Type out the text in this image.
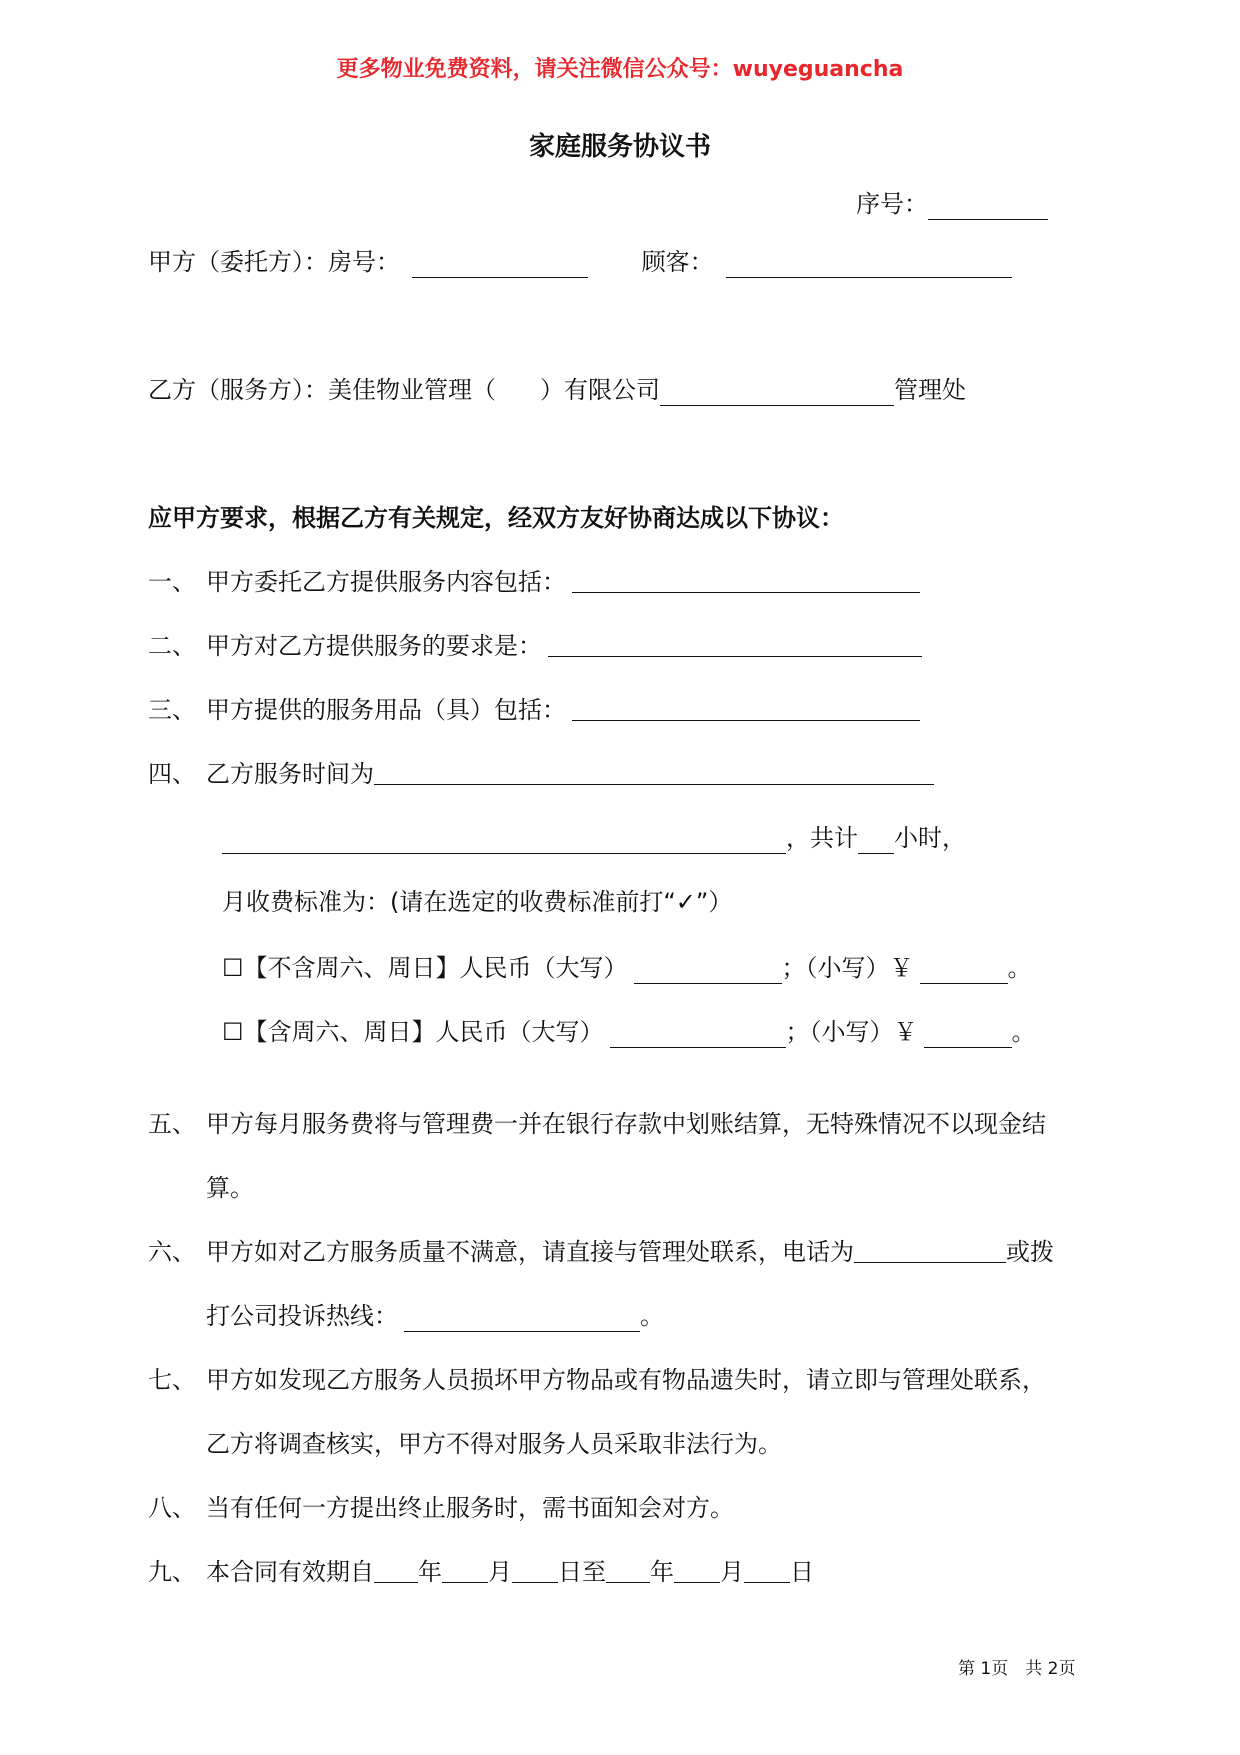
更多物业免费资料，请关注微信公众号：wuyeguancha
家庭服务协议书
序号：
甲方（委托方）：房号：	顾客：
乙方（服务方）：美佳物业管理（ ）有限公司	管理处
应甲方要求，根据乙方有关规定，经双方友好协商达成以下协议：
一、 甲方委托乙方提供服务内容包括：
二、 甲方对乙方提供服务的要求是：
三、 甲方提供的服务用品（具）包括：
四、 乙方服务时间为
，共计 小时，
月收费标准为：(请在选定的收费标准前打“✓”）
☐【不含周六、周日】人民币（大写）	；（小写）￥	。
☐【含周六、周日】人民币（大写）	；（小写）￥	。
五、 甲方每月服务费将与管理费一并在银行存款中划账结算，无特殊情况不以现金结
算。
六、 甲方如对乙方服务质量不满意，请直接与管理处联系，电话为	或拨
打公司投诉热线：	。
七、 甲方如发现乙方服务人员损坏甲方物品或有物品遗失时，请立即与管理处联系，
乙方将调查核实，甲方不得对服务人员采取非法行为。
八、 当有任何一方提出终止服务时，需书面知会对方。
九、 本合同有效期自 年 月 日至 年 月 日
第 1页　共 2页
